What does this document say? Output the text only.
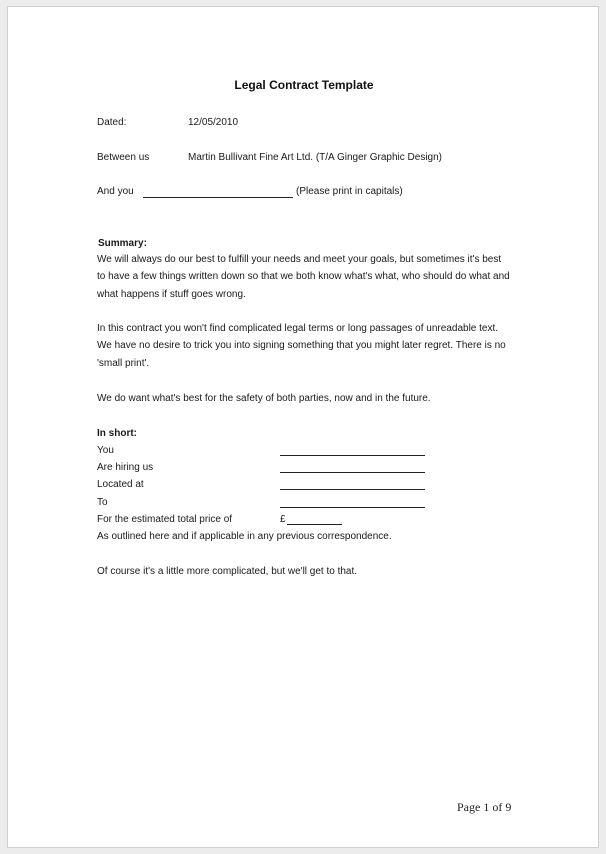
Legal Contract Template
Dated:	12/05/2010
Between us	Martin Bullivant Fine Art Ltd. (T/A Ginger Graphic Design)
And you	(Please print in capitals)
Summary:
We will always do our best to fulfill your needs and meet your goals, but sometimes it's best
to have a few things written down so that we both know what's what, who should do what and
what happens if stuff goes wrong.
In this contract you won't find complicated legal terms or long passages of unreadable text.
We have no desire to trick you into signing something that you might later regret. There is no
'small print'.
We do want what's best for the safety of both parties, now and in the future.
In short:
You
Are hiring us
Located at
To
For the estimated total price of	£
As outlined here and if applicable in any previous correspondence.
Of course it's a little more complicated, but we'll get to that.
Page 1 of 9
